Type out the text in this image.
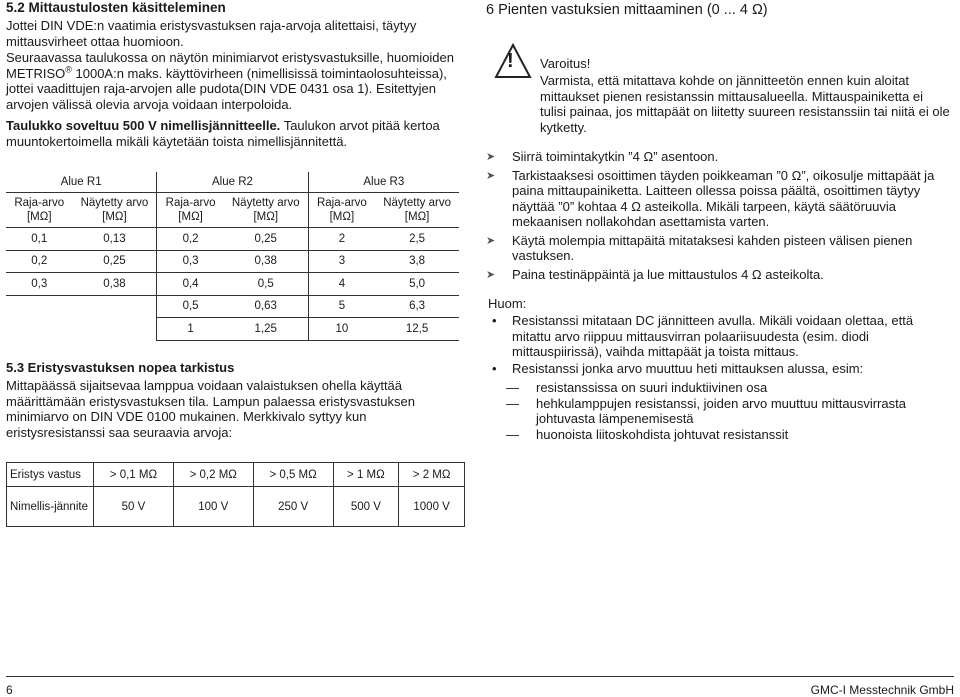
5.2 Mittaustulosten käsitteleminen

Jottei DIN VDE:n vaatimia eristysvastuksen raja-arvoja alitettaisi, täytyy mittausvirheet ottaa huomioon.

Seuraavassa taulukossa on näytön minimiarvot eristysvastuksille, huomioiden METRISO® 1000A:n maks. käyttövirheen (nimellisissä toimintaolosuhteissa), jottei vaadittujen raja-arvojen alle pudota(DIN VDE 0431 osa 1). Esitettyjen arvojen välissä olevia arvoja voidaan interpoloida.

Taulukko soveltuu 500 V nimellisjännitteelle. Taulukon arvot pitää kertoa muuntokertoimella mikäli käytetään toista nimellisjännitettä.

Alue R1		Alue R2		Alue R3	
Raja-arvo [MΩ]	Näytetty arvo [MΩ]	Raja-arvo [MΩ]	Näytetty arvo [MΩ]	Raja-arvo [MΩ]	Näytetty arvo [MΩ]
0,1	0,13	0,2	0,25	2	2,5
0,2	0,25	0,3	0,38	3	3,8
0,3	0,38	0,4	0,5	4	5,0
		0,5	0,63	5	6,3
		1	1,25	10	12,5
5.3 Eristysvastuksen nopea tarkistus

Mittapäässä sijaitsevaa lamppua voidaan valaistuksen ohella käyttää määrittämään eristysvastuksen tila. Lampun palaessa eristysvastuksen minimiarvo on DIN VDE 0100 mukainen. Merkkivalo syttyy kun eristysresistanssi saa seuraavia arvoja:

Eristys vastus	> 0,1 MΩ	> 0,2 MΩ	> 0,5 MΩ	> 1 MΩ	> 2 MΩ
Nimellis-jännite	50 V	100 V	250 V	500 V	1000 V
6 Pienten vastuksien mittaaminen (0 ... 4 Ω)
! Varoitus!

Varmista, että mitattava kohde on jännitteetön ennen kuin aloitat mittaukset pienen resistanssin mittausalueella. Mittauspainiketta ei tulisi painaa, jos mittapäät on liitetty suureen resistanssiin tai niitä ei ole kytketty.

➤ Siirrä toimintakytkin ”4 Ω” asentoon.
➤ Tarkistaaksesi osoittimen täyden poikkeaman ”0 Ω”, oikosulje mittapäät ja paina mittaupainiketta. Laitteen ollessa poissa päältä, osoittimen täytyy näyttää ”0” kohtaa 4 Ω asteikolla. Mikäli tarpeen, käytä säätöruuvia mekaanisen nollakohdan asettamista varten.
➤ Käytä molempia mittapäitä mitataksesi kahden pisteen välisen pienen vastuksen.
➤ Paina testinäppäintä ja lue mittaustulos 4 Ω asteikolta.

Huom:

• Resistanssi mitataan DC jännitteen avulla. Mikäli voidaan olettaa, että mitattu arvo riippuu mittausvirran polaariisuudesta (esim. diodi mittauspiirissä), vaihda mittapäät ja toista mittaus.
• Resistanssi jonka arvo muuttuu heti mittauksen alussa, esim:
— resistanssissa on suuri induktiivinen osa
— hehkulamppujen resistanssi, joiden arvo muuttuu mittausvirrasta johtuvasta lämpenemisestä
— huonoista liitoskohdista johtuvat resistanssit
6	GMC-I Messtechnik GmbH
